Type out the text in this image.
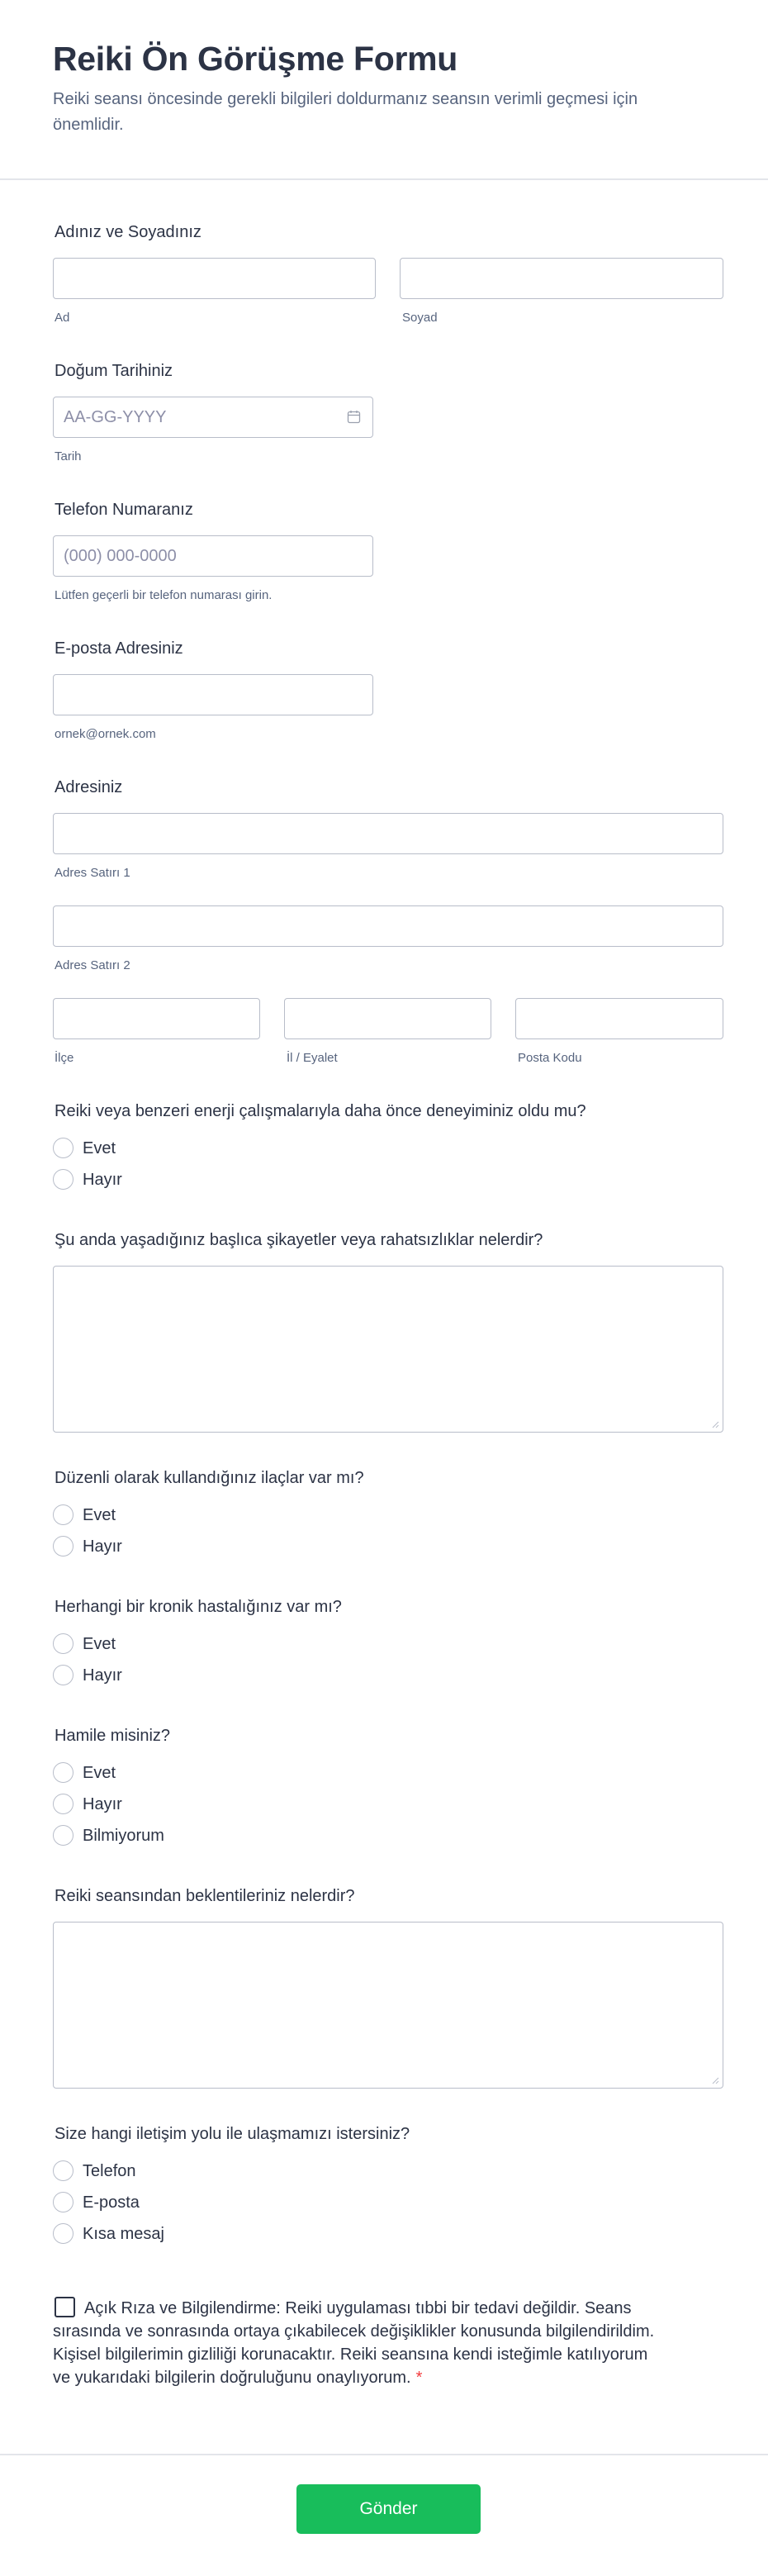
Reiki Ön Görüşme Formu
Reiki seansı öncesinde gerekli bilgileri doldurmanız seansın verimli geçmesi için önemlidir.
Adınız ve Soyadınız
Ad	Soyad
Doğum Tarihiniz
AA-GG-YYYY
Tarih
Telefon Numaranız
(000) 000-0000
Lütfen geçerli bir telefon numarası girin.
E-posta Adresiniz
ornek@ornek.com
Adresiniz
Adres Satırı 1
Adres Satırı 2
İlçe	İl / Eyalet	Posta Kodu
Reiki veya benzeri enerji çalışmalarıyla daha önce deneyiminiz oldu mu?
Evet
Hayır
Şu anda yaşadığınız başlıca şikayetler veya rahatsızlıklar nelerdir?
Düzenli olarak kullandığınız ilaçlar var mı?
Evet
Hayır
Herhangi bir kronik hastalığınız var mı?
Evet
Hayır
Hamile misiniz?
Evet
Hayır
Bilmiyorum
Reiki seansından beklentileriniz nelerdir?
Size hangi iletişim yolu ile ulaşmamızı istersiniz?
Telefon
E-posta
Kısa mesaj
Açık Rıza ve Bilgilendirme: Reiki uygulaması tıbbi bir tedavi değildir. Seans sırasında ve sonrasında ortaya çıkabilecek değişiklikler konusunda bilgilendirildim. Kişisel bilgilerimin gizliliği korunacaktır. Reiki seansına kendi isteğimle katılıyorum ve yukarıdaki bilgilerin doğruluğunu onaylıyorum. *
Gönder
